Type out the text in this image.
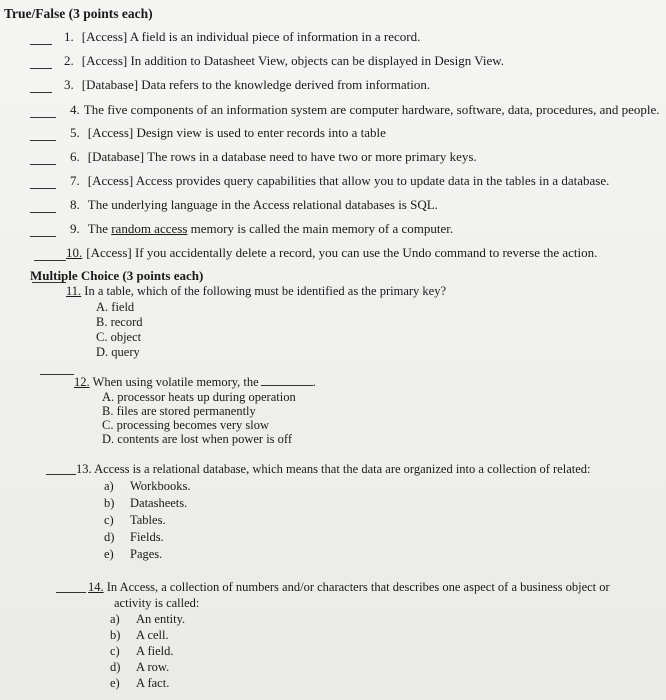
True/False (3 points each)
1. [Access] A field is an individual piece of information in a record.
2. [Access] In addition to Datasheet View, objects can be displayed in Design View.
3. [Database] Data refers to the knowledge derived from information.
4. The five components of an information system are computer hardware, software, data, procedures, and people.
5. [Access] Design view is used to enter records into a table
6. [Database] The rows in a database need to have two or more primary keys.
7. [Access] Access provides query capabilities that allow you to update data in the tables in a database.
8. The underlying language in the Access relational databases is SQL.
9. The random access memory is called the main memory of a computer.
10. [Access] If you accidentally delete a record, you can use the Undo command to reverse the action.
Multiple Choice (3 points each)
11. In a table, which of the following must be identified as the primary key?
A. field
B. record
C. object
D. query
12. When using volatile memory, the	.
A. processor heats up during operation
B. files are stored permanently
C. processing becomes very slow
D. contents are lost when power is off
13. Access is a relational database, which means that the data are organized into a collection of related:
a) Workbooks.
b) Datasheets.
c) Tables.
d) Fields.
e) Pages.
14. In Access, a collection of numbers and/or characters that describes one aspect of a business object or
activity is called:
a) An entity.
b) A cell.
c) A field.
d) A row.
e) A fact.
